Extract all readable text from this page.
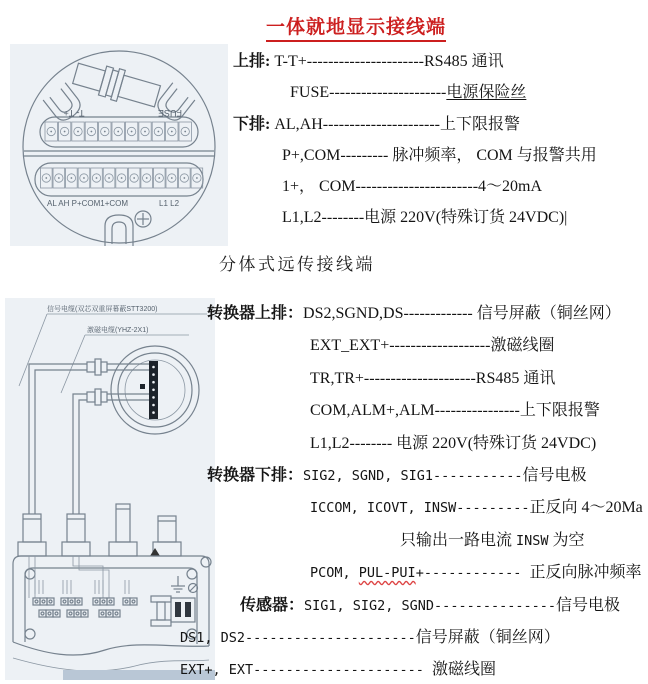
一体就地显示接线端
T- T+	FUSE
AL AH P+COM1+COM	L1 L2
信号电缆(双芯双重屏幕蔽STT3200)
激磁电缆(YHZ-2X1)
上排: T-T+----------------------RS485 通讯
FUSE----------------------电源保险丝
下排: AL,AH----------------------上下限报警
P+,COM--------- 脉冲频率， COM 与报警共用
1+， COM-----------------------4～20mA
L1,L2--------电源 220V(特殊订货 24VDC)|
分体式远传接线端
转换器上排：DS2,SGND,DS------------- 信号屏蔽（铜丝网）
EXT_EXT+-------------------激磁线圈
TR,TR+---------------------RS485 通讯
COM,ALM+,ALM----------------上下限报警
L1,L2-------- 电源 220V(特殊订货 24VDC)
转换器下排：SIG2, SGND, SIG1-----------信号电极
ICCOM, ICOVT, INSW---------正反向 4～20Ma
只输出一路电流 INSW 为空
PCOM, PUL-PUI+------------ 正反向脉冲频率
传感器：SIG1, SIG2, SGND---------------信号电极
DS1, DS2---------------------信号屏蔽（铜丝网）
EXT+, EXT--------------------- 激磁线圈
